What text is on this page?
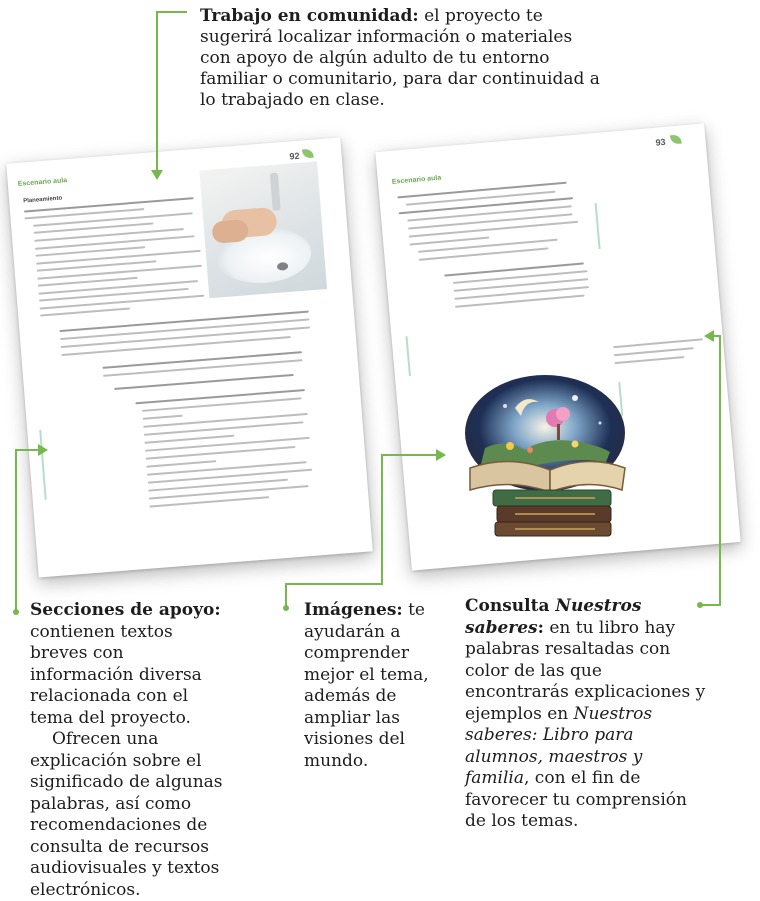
Trabajo en comunidad: el proyecto te sugerirá localizar información o materiales con apoyo de algún adulto de tu entorno familiar o comunitario, para dar continuidad a lo trabajado en clase.
Escenario aula
92
Planeamiento
Escenario aula
93
Secciones de apoyo: contienen textos breves con información diversa relacionada con el tema del proyecto.
Ofrecen una explicación sobre el significado de algunas palabras, así como recomendaciones de consulta de recursos audiovisuales y textos electrónicos.
Imágenes: te ayudarán a comprender mejor el tema, además de ampliar las visiones del mundo.
Consulta Nuestros saberes: en tu libro hay palabras resaltadas con color de las que encontrarás explicaciones y ejemplos en Nuestros saberes: Libro para alumnos, maestros y familia, con el fin de favorecer tu comprensión de los temas.
